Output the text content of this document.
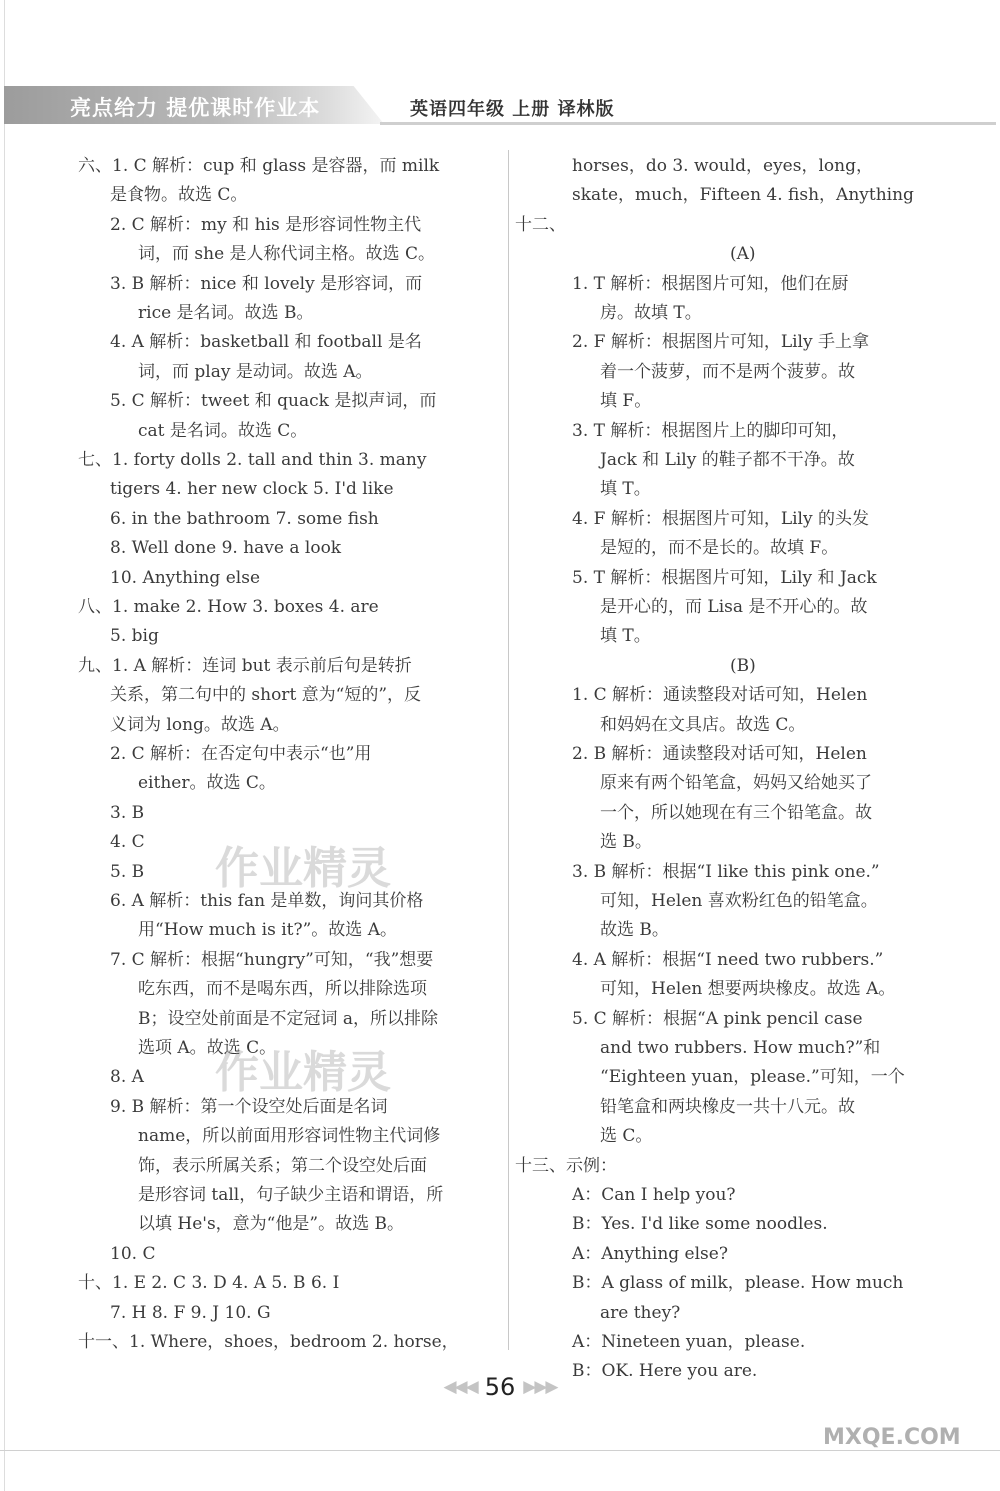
亮点给力 提优课时作业本	英语四年级 上册 译林版
六、1. C 解析：cup 和 glass 是容器，而 milk
是食物。故选 C。
2. C 解析：my 和 his 是形容词性物主代
词，而 she 是人称代词主格。故选 C。
3. B 解析：nice 和 lovely 是形容词，而
rice 是名词。故选 B。
4. A 解析：basketball 和 football 是名
词，而 play 是动词。故选 A。
5. C 解析：tweet 和 quack 是拟声词，而
cat 是名词。故选 C。
七、1. forty dolls 2. tall and thin 3. many
tigers 4. her new clock 5. I'd like
6. in the bathroom 7. some fish
8. Well done 9. have a look
10. Anything else
八、1. make 2. How 3. boxes 4. are
5. big
九、1. A 解析：连词 but 表示前后句是转折
关系，第二句中的 short 意为“短的”，反
义词为 long。故选 A。
2. C 解析：在否定句中表示“也”用
either。故选 C。
3. B
4. C
5. B
6. A 解析：this fan 是单数，询问其价格
用“How much is it?”。故选 A。
7. C 解析：根据“hungry”可知，“我”想要
吃东西，而不是喝东西，所以排除选项
B；设空处前面是不定冠词 a，所以排除
选项 A。故选 C。
8. A
9. B 解析：第一个设空处后面是名词
name，所以前面用形容词性物主代词修
饰，表示所属关系；第二个设空处后面
是形容词 tall，句子缺少主语和谓语，所
以填 He's，意为“他是”。故选 B。
10. C
十、1. E 2. C 3. D 4. A 5. B 6. I
7. H 8. F 9. J 10. G
十一、1. Where，shoes，bedroom 2. horse，
horses，do 3. would，eyes，long，
skate，much，Fifteen 4. fish，Anything
十二、
(A)
1. T 解析：根据图片可知，他们在厨
房。故填 T。
2. F 解析：根据图片可知，Lily 手上拿
着一个菠萝，而不是两个菠萝。故
填 F。
3. T 解析：根据图片上的脚印可知，
Jack 和 Lily 的鞋子都不干净。故
填 T。
4. F 解析：根据图片可知，Lily 的头发
是短的，而不是长的。故填 F。
5. T 解析：根据图片可知，Lily 和 Jack
是开心的，而 Lisa 是不开心的。故
填 T。
(B)
1. C 解析：通读整段对话可知，Helen
和妈妈在文具店。故选 C。
2. B 解析：通读整段对话可知，Helen
原来有两个铅笔盒，妈妈又给她买了
一个，所以她现在有三个铅笔盒。故
选 B。
3. B 解析：根据“I like this pink one.”
可知，Helen 喜欢粉红色的铅笔盒。
故选 B。
4. A 解析：根据“I need two rubbers.”
可知，Helen 想要两块橡皮。故选 A。
5. C 解析：根据“A pink pencil case
and two rubbers. How much?”和
“Eighteen yuan，please.”可知，一个
铅笔盒和两块橡皮一共十八元。故
选 C。
十三、示例：
A：Can I help you?
B：Yes. I'd like some noodles.
A：Anything else?
B：A glass of milk，please. How much
are they?
A：Nineteen yuan，please.
B：OK. Here you are.
作业精灵
作业精灵
◀◀◀ 56 ▶▶▶
MXQE.COM
